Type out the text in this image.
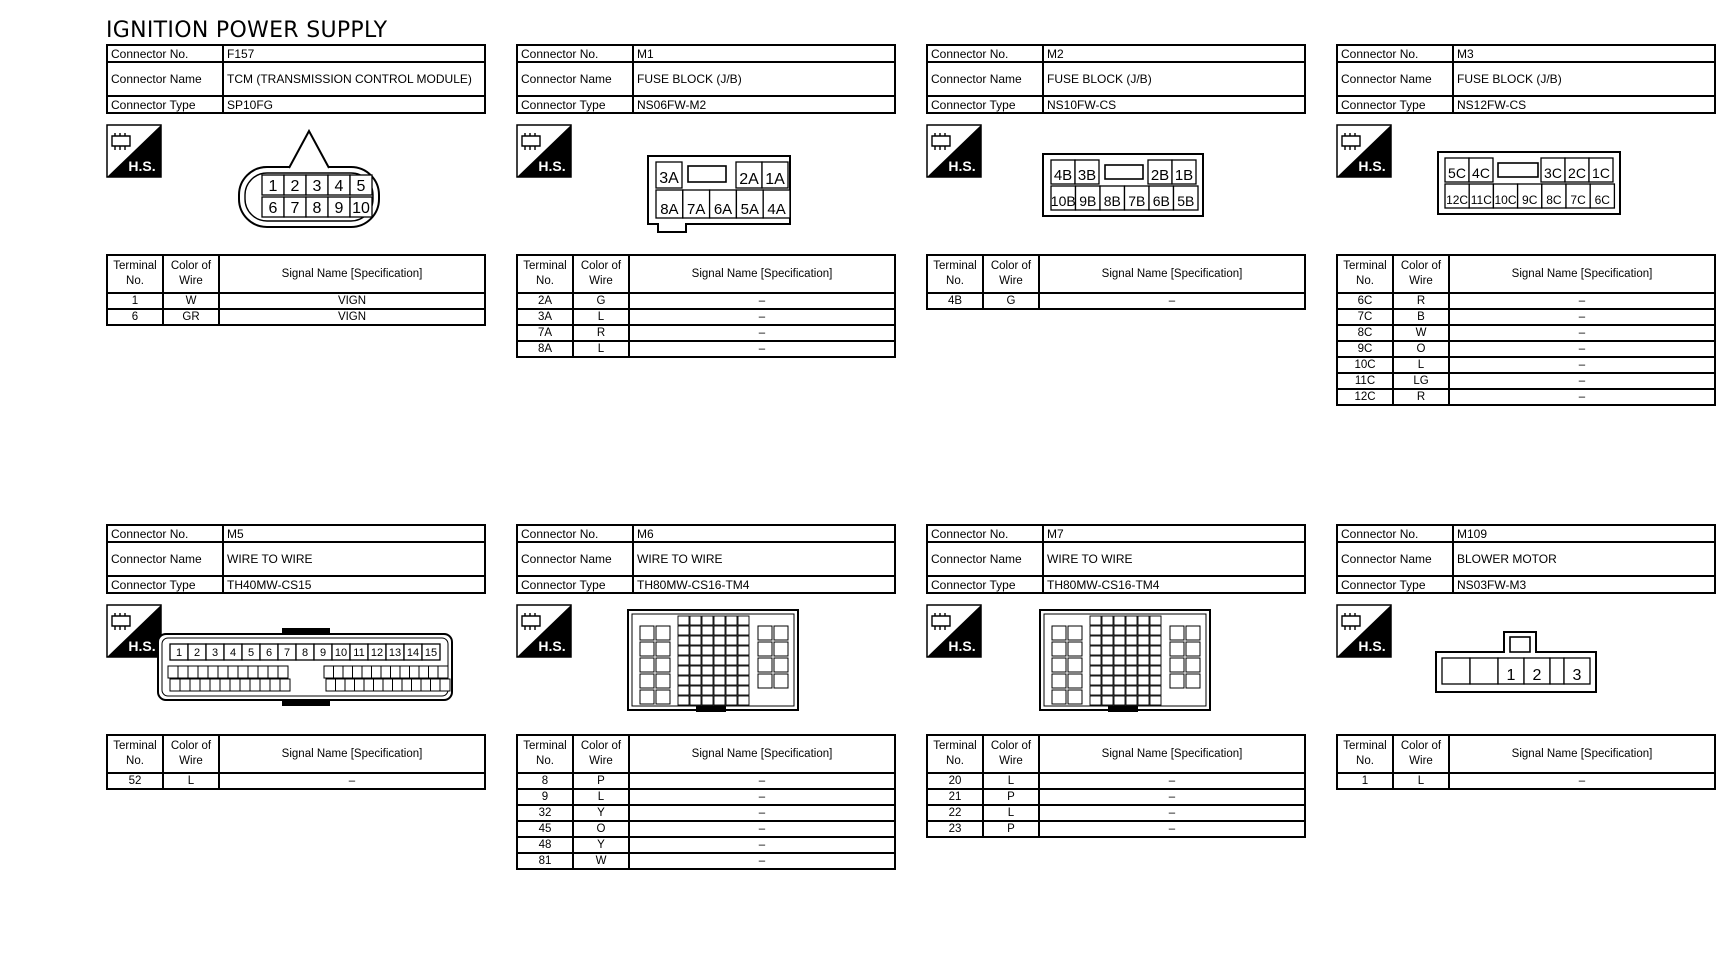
IGNITION POWER SUPPLY
Connector No.	F157
Connector Name	TCM (TRANSMISSION CONTROL MODULE)
Connector Type	SP10FG
H.S.
1 2 3 4 5
6 7 8 9 10
Terminal No.	Color of Wire	Signal Name [Specification]
1	W	VIGN
6	GR	VIGN
Connector No.	M1
Connector Name	FUSE BLOCK (J/B)
Connector Type	NS06FW-M2
H.S.
3A	2A 1A
8A 7A 6A 5A 4A
Terminal No.	Color of Wire	Signal Name [Specification]
2A	G	–
3A	L	–
7A	R	–
8A	L	–
Connector No.	M2
Connector Name	FUSE BLOCK (J/B)
Connector Type	NS10FW-CS
H.S.
4B 3B	2B 1B
10B 9B 8B 7B 6B 5B
Terminal No.	Color of Wire	Signal Name [Specification]
4B	G	–
Connector No.	M3
Connector Name	FUSE BLOCK (J/B)
Connector Type	NS12FW-CS
H.S.	5C 4C	3C 2C 1C
12C 11C 10C 9C 8C 7C 6C
Terminal No.	Color of Wire	Signal Name [Specification]
6C	R	–
7C	B	–
8C	W	–
9C	O	–
10C	L	–
11C	LG	–
12C	R	–
Connector No.	M5
Connector Name	WIRE TO WIRE
Connector Type	TH40MW-CS15
H.S. 1 2 3 4 5 6 7 8 9 10 11 12 13 14 15
Terminal No.	Color of Wire	Signal Name [Specification]
52	L	–
Connector No.	M6
Connector Name	WIRE TO WIRE
Connector Type	TH80MW-CS16-TM4
H.S.
Terminal No.	Color of Wire	Signal Name [Specification]
8	P	–
9	L	–
32	Y	–
45	O	–
48	Y	–
81	W	–
Connector No.	M7
Connector Name	WIRE TO WIRE
Connector Type	TH80MW-CS16-TM4
H.S.
Terminal No.	Color of Wire	Signal Name [Specification]
20	L	–
21	P	–
22	L	–
23	P	–
Connector No.	M109
Connector Name	BLOWER MOTOR
Connector Type	NS03FW-M3
H.S.
1 2 3
Terminal No.	Color of Wire	Signal Name [Specification]
1	L	–
